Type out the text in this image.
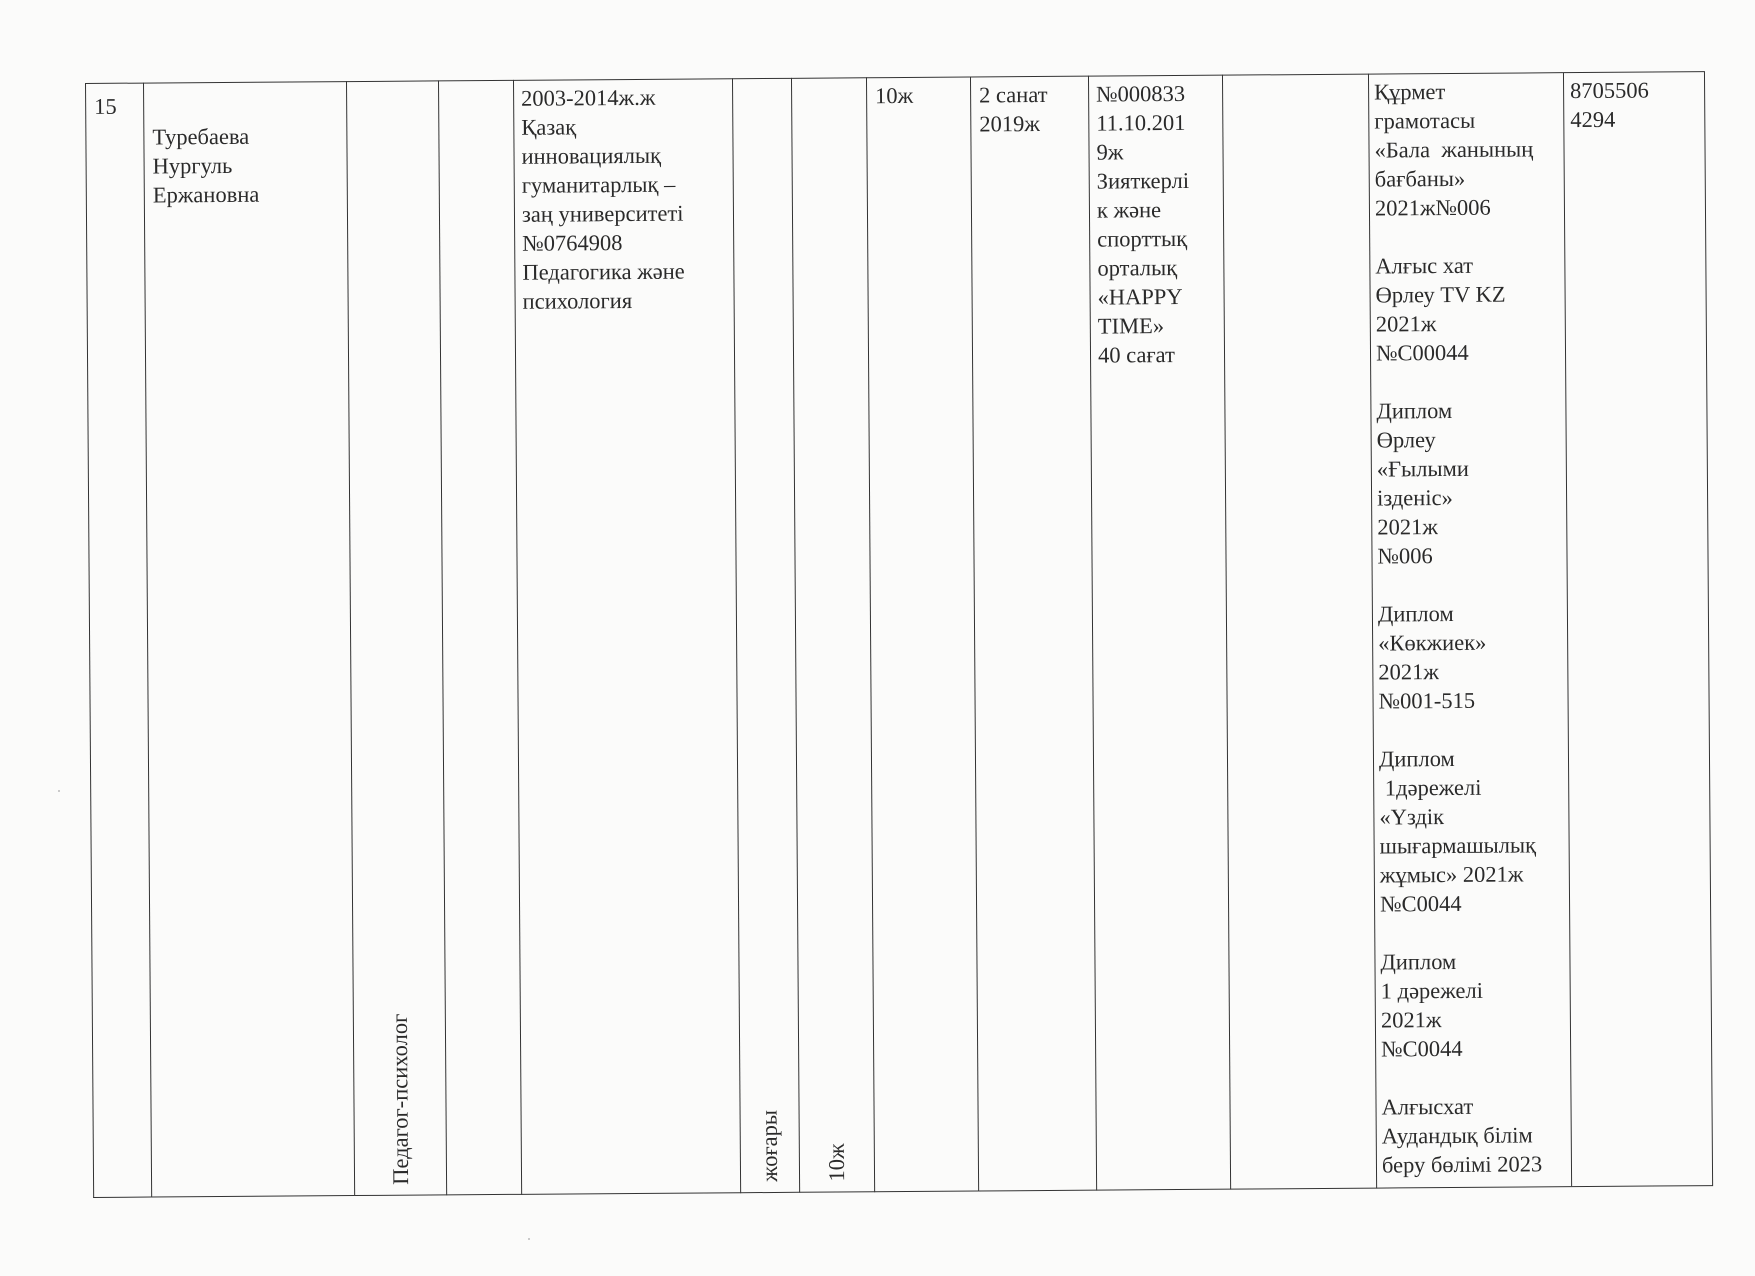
15
Туребаева
Нургуль
Ержановна
Педагог-психолог
2003-2014ж.ж
Қазақ
инновациялық
гуманитарлық –
заң университеті
№0764908
Педагогика және
психология
жоғары 10ж
10ж	2 санат
2019ж
№000833
11.10.201
9ж
Зияткерлі
к және
спорттық
орталық
«HAPPY
TIME»
40 сағат
Құрмет
грамотасы
«Бала  жанының
бағбаны»
2021ж№006

Алғыс хат
Өрлеу TV KZ
2021ж
№С00044

Диплом
Өрлеу
«Ғылыми
ізденіс»
2021ж
№006

Диплом
«Көкжиек»
2021ж
№001-515

Диплом
1дәрежелі
«Үздік
шығармашылық
жұмыс» 2021ж
№С0044

Диплом
1 дәрежелі
2021ж
№С0044

Алғысхат
Аудандық білім
беру бөлімі 2023
8705506
4294
